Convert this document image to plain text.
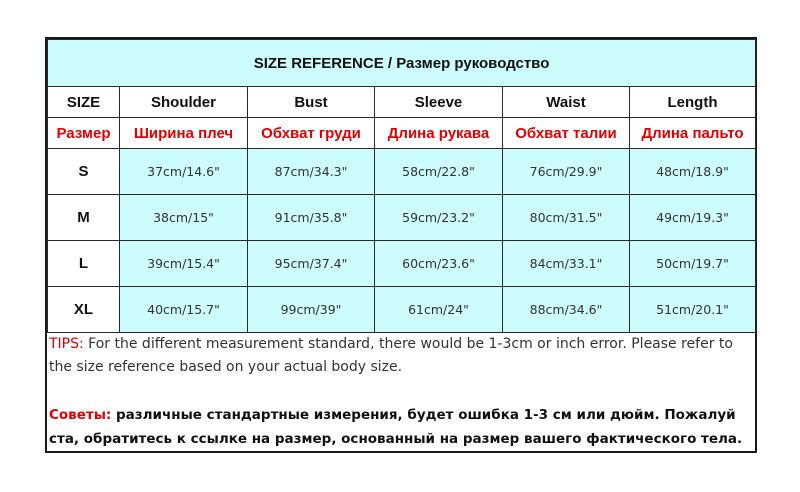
SIZE REFERENCE / Размер руководство					
SIZE	Shoulder	Bust	Sleeve	Waist	Length
Размер	Ширина плеч	Обхват груди	Длина рукава	Обхват талии	Длина пальто
S	37cm/14.6"	87cm/34.3"	58cm/22.8"	76cm/29.9"	48cm/18.9"
M	38cm/15"	91cm/35.8"	59cm/23.2"	80cm/31.5"	49cm/19.3"
L	39cm/15.4"	95cm/37.4"	60cm/23.6"	84cm/33.1"	50cm/19.7"
XL	40cm/15.7"	99cm/39"	61cm/24"	88cm/34.6"	51cm/20.1"
TIPS: For the different measurement standard, there would be 1-3cm or inch error. Please refer to the size reference based on your actual body size.
Советы: различные стандартные измерения, будет ошибка 1-3 см или дюйм. Пожалуй ста, обратитесь к ссылке на размер, основанный на размер вашего фактического тела.
